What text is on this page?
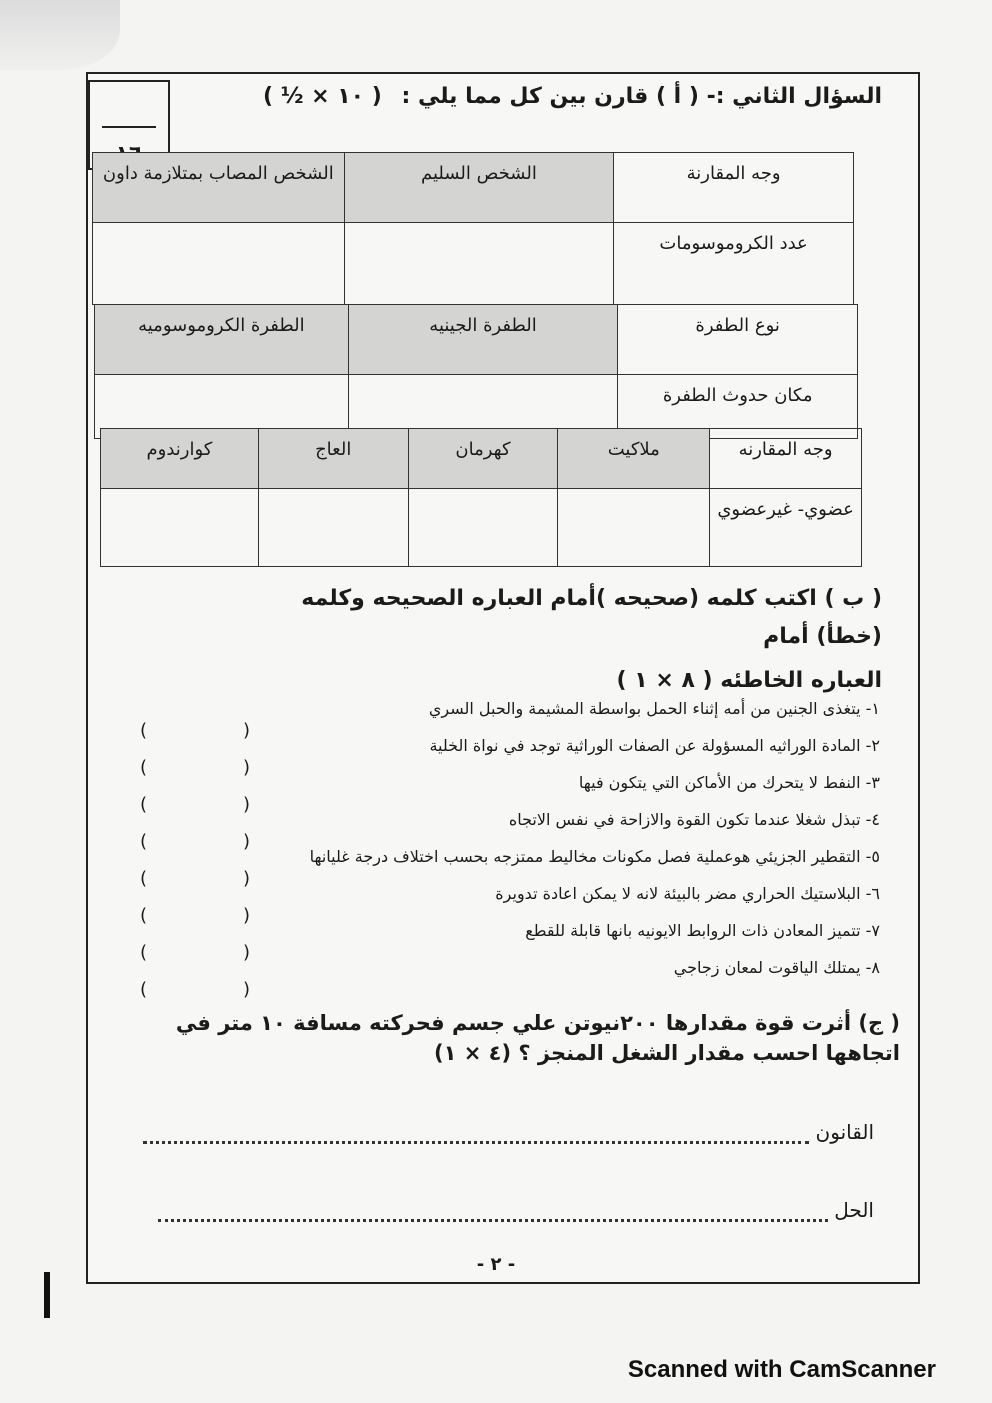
السؤال الثاني :- ( أ ) قارن بين كل مما يلي : ( ١٠ × ½ )
وجه المقارنة	الشخص السليم	الشخص المصاب بمتلازمة داون
عدد الكروموسومات		
نوع الطفرة	الطفرة الجينيه	الطفرة الكروموسوميه
مكان حدوث الطفرة		
وجه المقارنه	ملاكيت	كهرمان	العاج	كوارندوم
عضوي- غيرعضوي				
( ب ) اكتب كلمه (صحيحه )أمام العباره الصحيحه وكلمه (خطأ) أمام
العباره الخاطئه ( ٨ × ١ )
١- يتغذى الجنين من أمه إثناء الحمل بواسطة المشيمة والحبل السري
(	)
٢- المادة الوراثيه المسؤولة عن الصفات الوراثية توجد في نواة الخلية
(	)
٣- النفط لا يتحرك من الأماكن التي يتكون فيها
(	)
٤- تبذل شغلا عندما تكون القوة والازاحة في نفس الاتجاه
(	)
٥- التقطير الجزيئي هوعملية فصل مكونات مخاليط ممتزجه بحسب اختلاف درجة غليانها
(	)
٦- البلاستيك الحراري مضر بالبيئة لانه لا يمكن اعادة تدويرة
(	)
٧- تتميز المعادن ذات الروابط الايونيه بانها قابلة للقطع
(	)
٨- يمتلك الياقوت لمعان زجاجي
(	)
( ج) أثرت قوة مقدارها ٢٠٠نيوتن علي جسم فحركته مسافة ١٠ متر في اتجاهها احسب مقدار الشغل المنجز ؟ (٤ × ١)
القانون
الحل
- ٢ -
Scanned with CamScanner
